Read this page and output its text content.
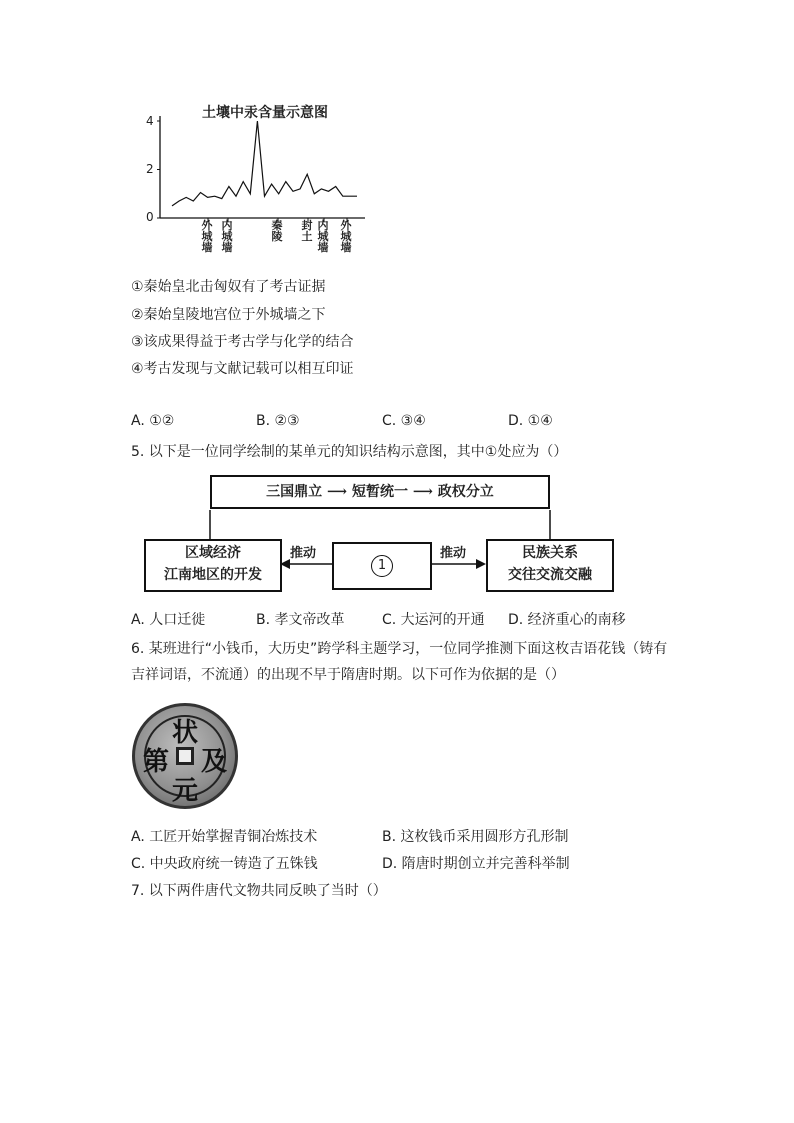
土壤中汞含量示意图
4
2
0
外城墙
内城墙
秦陵
封土
内城墙
外城墙
①秦始皇北击匈奴有了考古证据
②秦始皇陵地宫位于外城墙之下
③该成果得益于考古学与化学的结合
④考古发现与文献记载可以相互印证
A. ①②	B. ②③	C. ③④	D. ①④
5. 以下是一位同学绘制的某单元的知识结构示意图，其中①处应为（）
三国鼎立 ⟶ 短暂统一 ⟶ 政权分立
区域经济
江南地区的开发
1
民族关系
交往交流交融
推动	推动
A. 人口迁徙	B. 孝文帝改革	C. 大运河的开通 D. 经济重心的南移
6. 某班进行“小钱币，大历史”跨学科主题学习，一位同学推测下面这枚吉语花钱（铸有
吉祥词语，不流通）的出现不早于隋唐时期。以下可作为依据的是（）
状
元
第 及
A. 工匠开始掌握青铜冶炼技术	B. 这枚钱币采用圆形方孔形制
C. 中央政府统一铸造了五铢钱	D. 隋唐时期创立并完善科举制
7. 以下两件唐代文物共同反映了当时（）
